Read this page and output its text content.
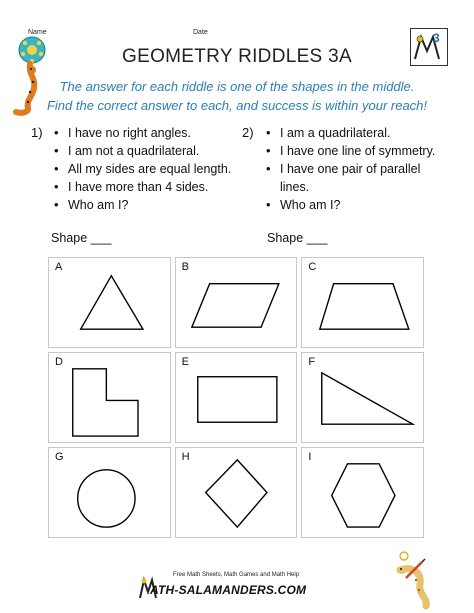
Name	Date	3
GEOMETRY RIDDLES 3A
The answer for each riddle is one of the shapes in the middle.
Find the correct answer to each, and success is within your reach!
1)	• I have no right angles.
• I am not a quadrilateral.
• All my sides are equal length.
• I have more than 4 sides.
• Who am I?
Shape ___
2)	• I am a quadrilateral.
• I have one line of symmetry.
• I have one pair of parallel
lines.
• Who am I?
Shape ___
A	B	C
D	E	F
G	H	I
Free Math Sheets, Math Games and Math Help
ATH-SALAMANDERS.COM
